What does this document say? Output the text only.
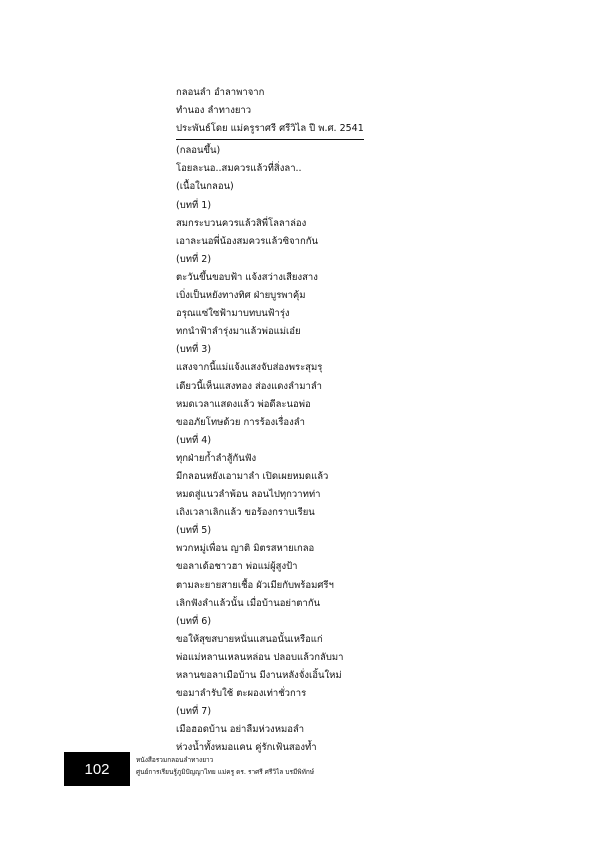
กลอนลำ อำลาพาจาก
ทำนอง ลำทางยาว
ประพันธ์โดย แม่ครูราศรี ศรีวิไล ปี พ.ศ. 2541
(กลอนขึ้น)
โอยละนอ..สมควรแล้วที่สิ่งลา..
(เนื้อในกลอน)
(บทที่ 1)
สมกระบวนควรแล้วสิพี่โลลาล่อง
เอาละนอพี่น้องสมควรแล้วซิจากกัน
(บทที่ 2)
ตะวันขึ้นขอบฟ้า แจ้งสว่างเสียงสาง
เบิ่งเป็นหยังทางทิศ ฝ่ายบูรพาคุ้ม
อรุณแซ่ใซฟ้ามาบทบนฟ้ารุ่ง
ทกนำฟ้าลำรุ่งมาแล้วพ่อแม่เอ๋ย
(บทที่ 3)
แสงจากนี้แม่แจ้งแสงจับส่องพระสุมรุ
เดียวนี้เห็นแสงทอง ส่องแดงลำมาลำ
หมดเวลาแสดงแล้ว พ่อดีละนอพ่อ
ขออภัยโทษด้วย การร้องเรื่องลำ
(บทที่ 4)
ทุกฝ่ายก้ำลำสู้กันฟัง
มีกลอนหยังเอามาลำ เปิดเผยหมดแล้ว
หมดสู่แนวลำพ้อน ลอนไปทุกวาทท่า
เถิงเวลาเลิกแล้ว ขอร้องกราบเรียน
(บทที่ 5)
พวกหมู่เพื่อน ญาติ มิตรสหายเกลอ
ขอลาเด้อชาวฮา พ่อแม่ผู้สูงป้า
ตามละยายสายเชื้อ ผัวเมียกับพร้อมศรีฯ
เลิกฟังลำแล้วนั้น เมื่อบ้านอย่าตากัน
(บทที่ 6)
ขอให้สุขสบายหนั่นแสนอนั้นเหรือแก่
พ่อแม่หลานเหลนหล่อน ปลอบแล้วกลับมา
หลานขอลาเมือบ้าน มีงานหลังจั่งเอิ้นใหม่
ขอมาลำรับใช้ ตะผองเท่าชั่วการ
(บทที่ 7)
เมือฮอดบ้าน อย่าลืมห่วงหมอลำ
ห่วงน้ำทั้งหมอแคน คู่รักเฟ้นสองท้ำ
102
หนังสือรวมกลอนลำทางยาว
ศูนย์การเรียนรู้ภูมิปัญญาไทย แม่ครู ดร. ราศรี ศรีวิไล บรมีพิทักษ์
